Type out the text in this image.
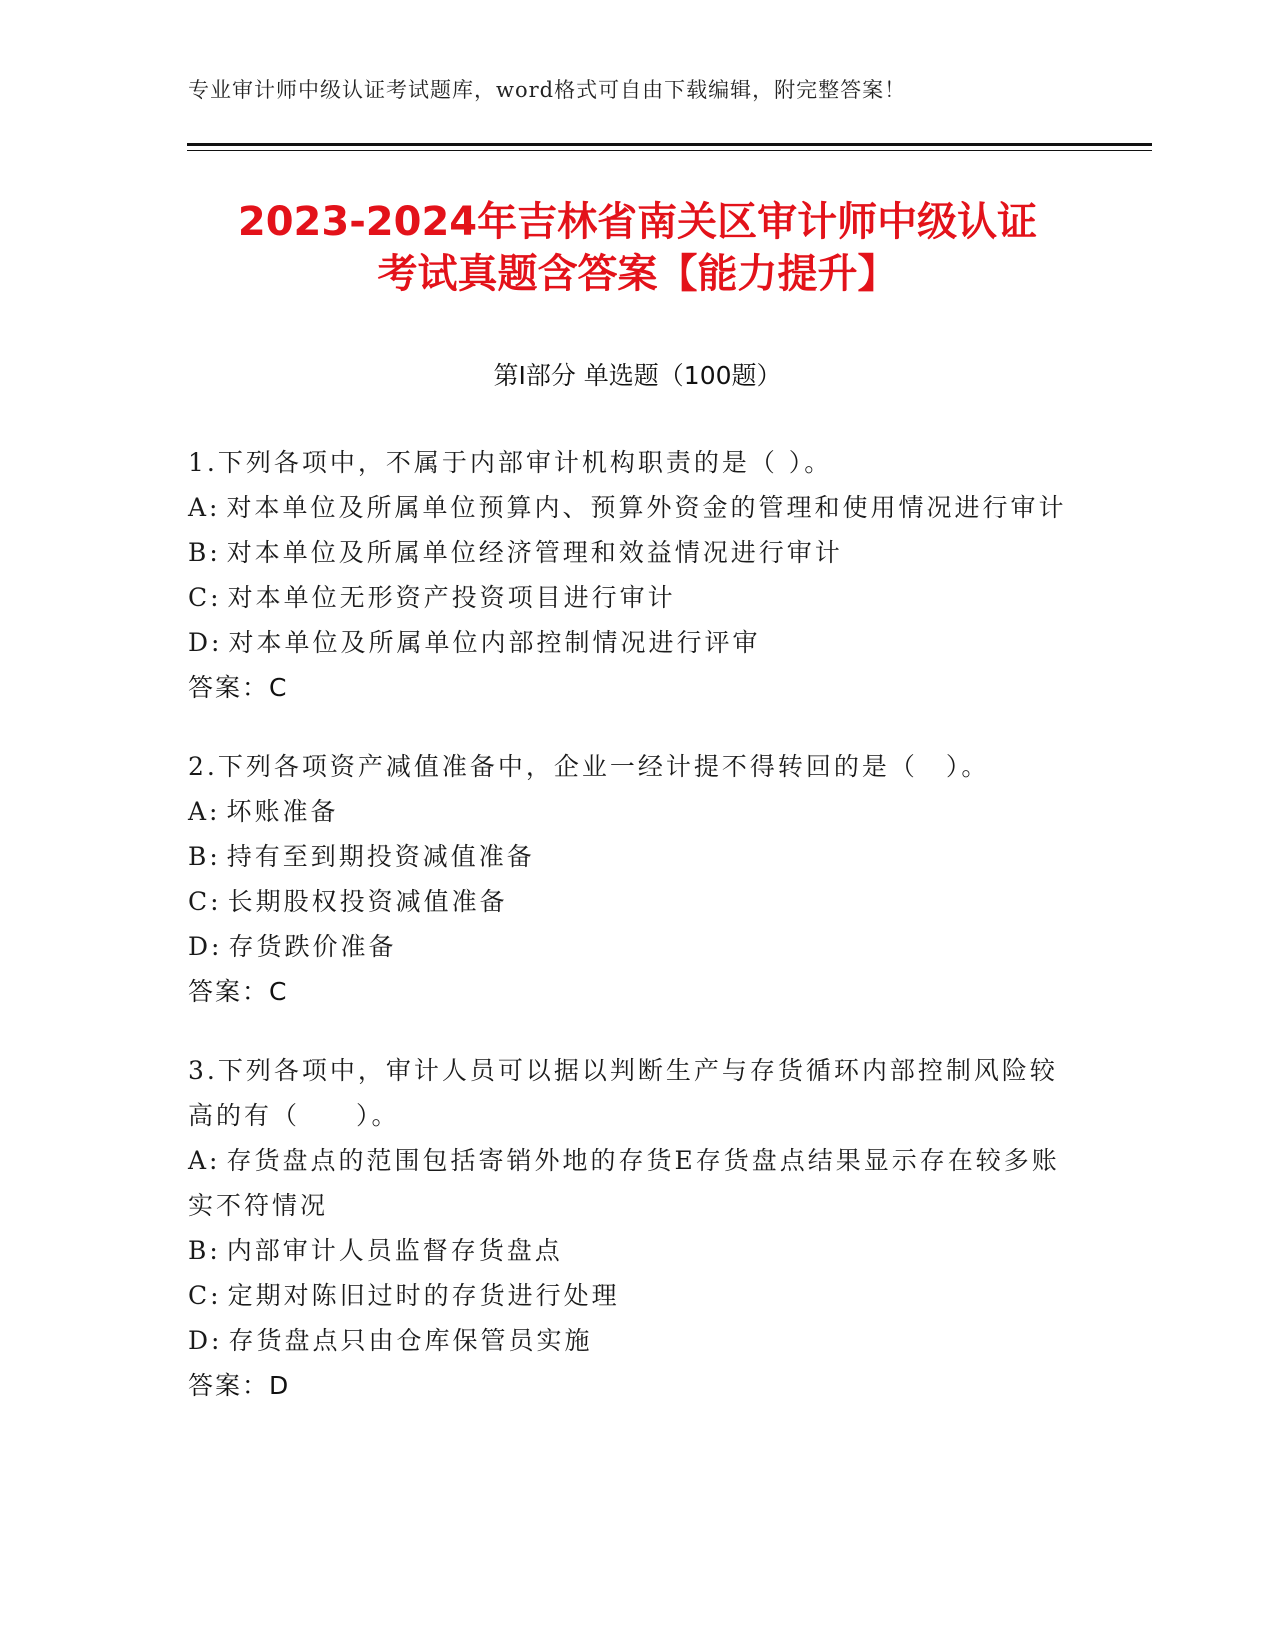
专业审计师中级认证考试题库，word格式可自由下载编辑，附完整答案！
2023-2024年吉林省南关区审计师中级认证
考试真题含答案【能力提升】
第I部分 单选题（100题）
1.下列各项中，不属于内部审计机构职责的是（ ）。
A: 对本单位及所属单位预算内、预算外资金的管理和使用情况进行审计
B: 对本单位及所属单位经济管理和效益情况进行审计
C: 对本单位无形资产投资项目进行审计
D: 对本单位及所属单位内部控制情况进行评审
答案：C
2.下列各项资产减值准备中，企业一经计提不得转回的是（　）。
A: 坏账准备
B: 持有至到期投资减值准备
C: 长期股权投资减值准备
D: 存货跌价准备
答案：C
3.下列各项中，审计人员可以据以判断生产与存货循环内部控制风险较高的有（　　）。
A: 存货盘点的范围包括寄销外地的存货E存货盘点结果显示存在较多账实不符情况
B: 内部审计人员监督存货盘点
C: 定期对陈旧过时的存货进行处理
D: 存货盘点只由仓库保管员实施
答案：D
